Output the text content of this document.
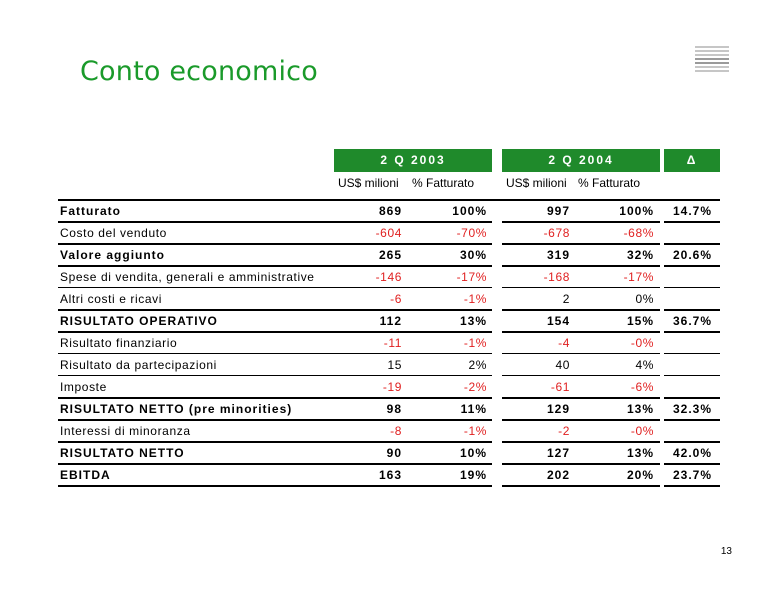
Conto economico
2 Q 2003	2 Q 2004	Δ
US$ milioni % Fatturato	US$ milioni % Fatturato
Fatturato	869	100%	997	100% 14.7%
Costo del venduto	-604	-70%	-678	-68%
Valore aggiunto	265	30%	319	32% 20.6%
Spese di vendita, generali e amministrative	-146	-17%	-168	-17%
Altri costi e ricavi	-6	-1%	2	0%
RISULTATO OPERATIVO	112	13%	154	15% 36.7%
Risultato finanziario	-11	-1%	-4	-0%
Risultato da partecipazioni	15	2%	40	4%
Imposte	-19	-2%	-61	-6%
RISULTATO NETTO (pre minorities)	98	11%	129	13% 32.3%
Interessi di minoranza	-8	-1%	-2	-0%
RISULTATO NETTO	90	10%	127	13% 42.0%
EBITDA	163	19%	202	20% 23.7%
13
